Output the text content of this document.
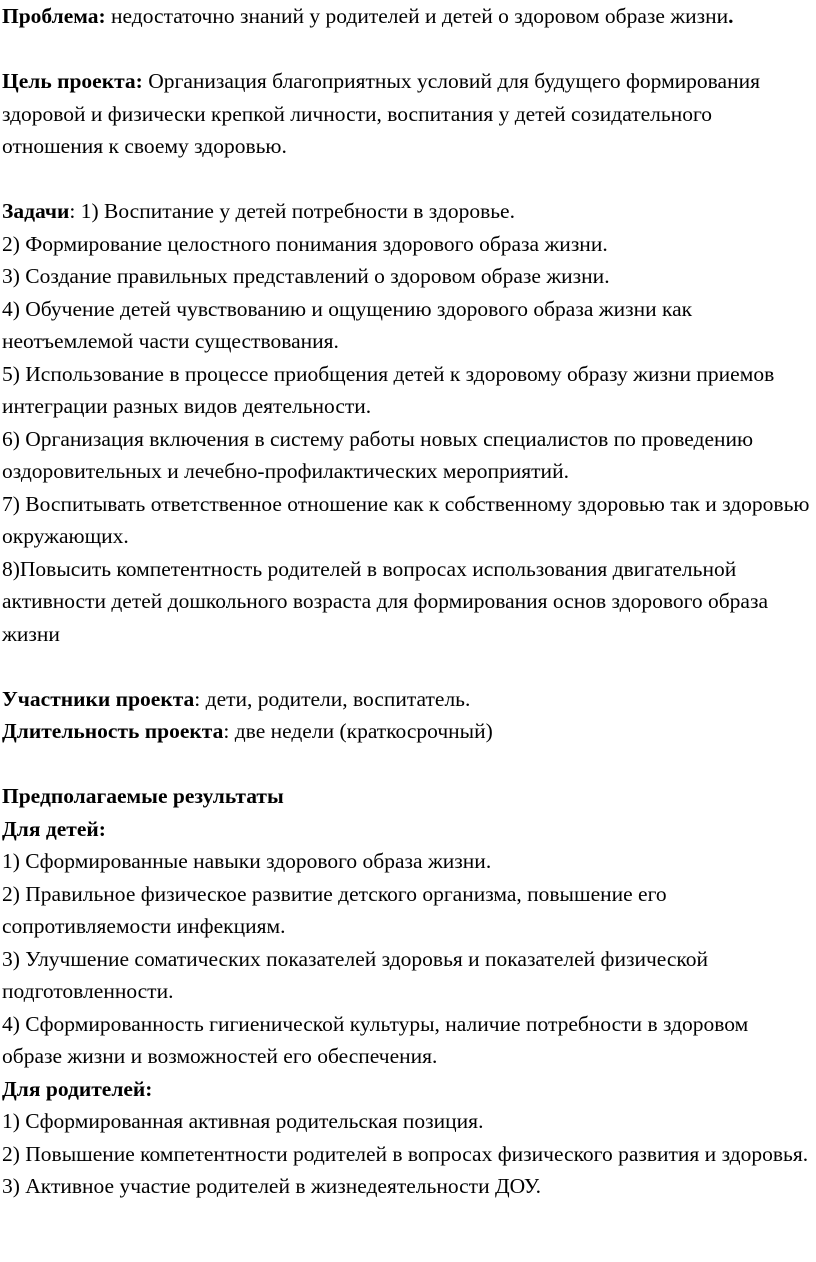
Проблема: недостаточно знаний у родителей и детей о здоровом образе жизни.

Цель проекта: Организация благоприятных условий для будущего формирования здоровой и физически крепкой личности, воспитания у детей созидательного отношения к своему здоровью.

Задачи: 1) Воспитание у детей потребности в здоровье.

2) Формирование целостного понимания здорового образа жизни.

3) Создание правильных представлений о здоровом образе жизни.

4) Обучение детей чувствованию и ощущению здорового образа жизни как неотъемлемой части существования.

5) Использование в процессе приобщения детей к здоровому образу жизни приемов интеграции разных видов деятельности.

6) Организация включения в систему работы новых специалистов по проведению оздоровительных и лечебно-профилактических мероприятий.

7) Воспитывать ответственное отношение как к собственному здоровью так и здоровью окружающих.

8)Повысить компетентность родителей в вопросах использования двигательной активности детей дошкольного возраста для формирования основ здорового образа жизни

Участники проекта: дети, родители, воспитатель.

Длительность проекта: две недели (краткосрочный)

Предполагаемые результаты

Для детей:

1) Сформированные навыки здорового образа жизни.

2) Правильное физическое развитие детского организма, повышение его сопротивляемости инфекциям.

3) Улучшение соматических показателей здоровья и показателей физической подготовленности.

4) Сформированность гигиенической культуры, наличие потребности в здоровом образе жизни и возможностей его обеспечения.

Для родителей:

1) Сформированная активная родительская позиция.

2) Повышение компетентности родителей в вопросах физического развития и здоровья.

3) Активное участие родителей в жизнедеятельности ДОУ.
